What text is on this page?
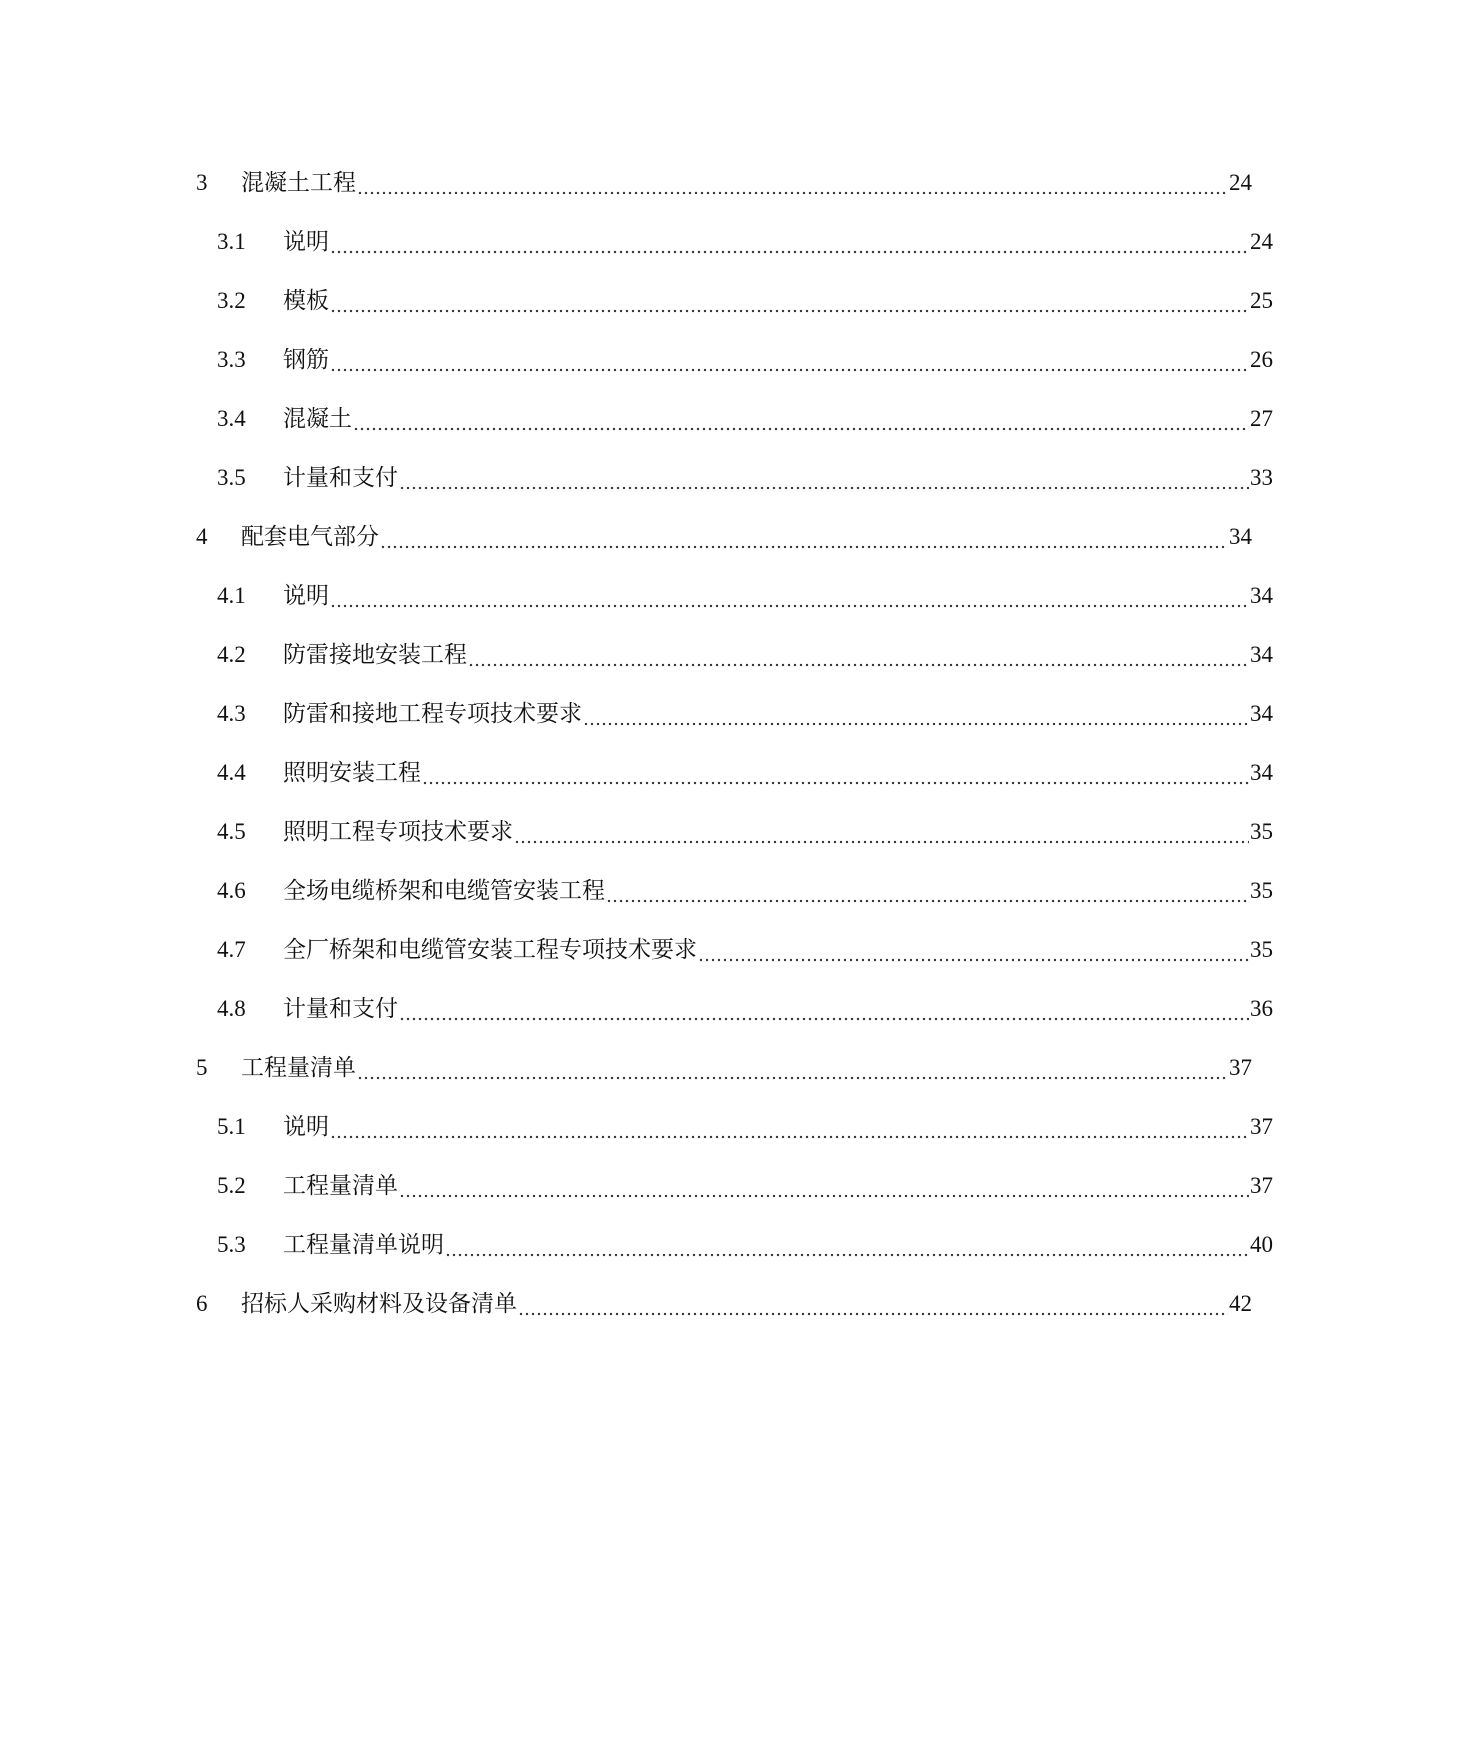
3	混凝土工程	24
3.1	说明	24
3.2	模板	25
3.3	钢筋	26
3.4	混凝土	27
3.5	计量和支付	33
4	配套电气部分	34
4.1	说明	34
4.2	防雷接地安装工程	34
4.3	防雷和接地工程专项技术要求	34
4.4	照明安装工程	34
4.5	照明工程专项技术要求	35
4.6	全场电缆桥架和电缆管安装工程	35
4.7	全厂桥架和电缆管安装工程专项技术要求	35
4.8	计量和支付	36
5	工程量清单	37
5.1	说明	37
5.2	工程量清单	37
5.3	工程量清单说明	40
6	招标人采购材料及设备清单	42
